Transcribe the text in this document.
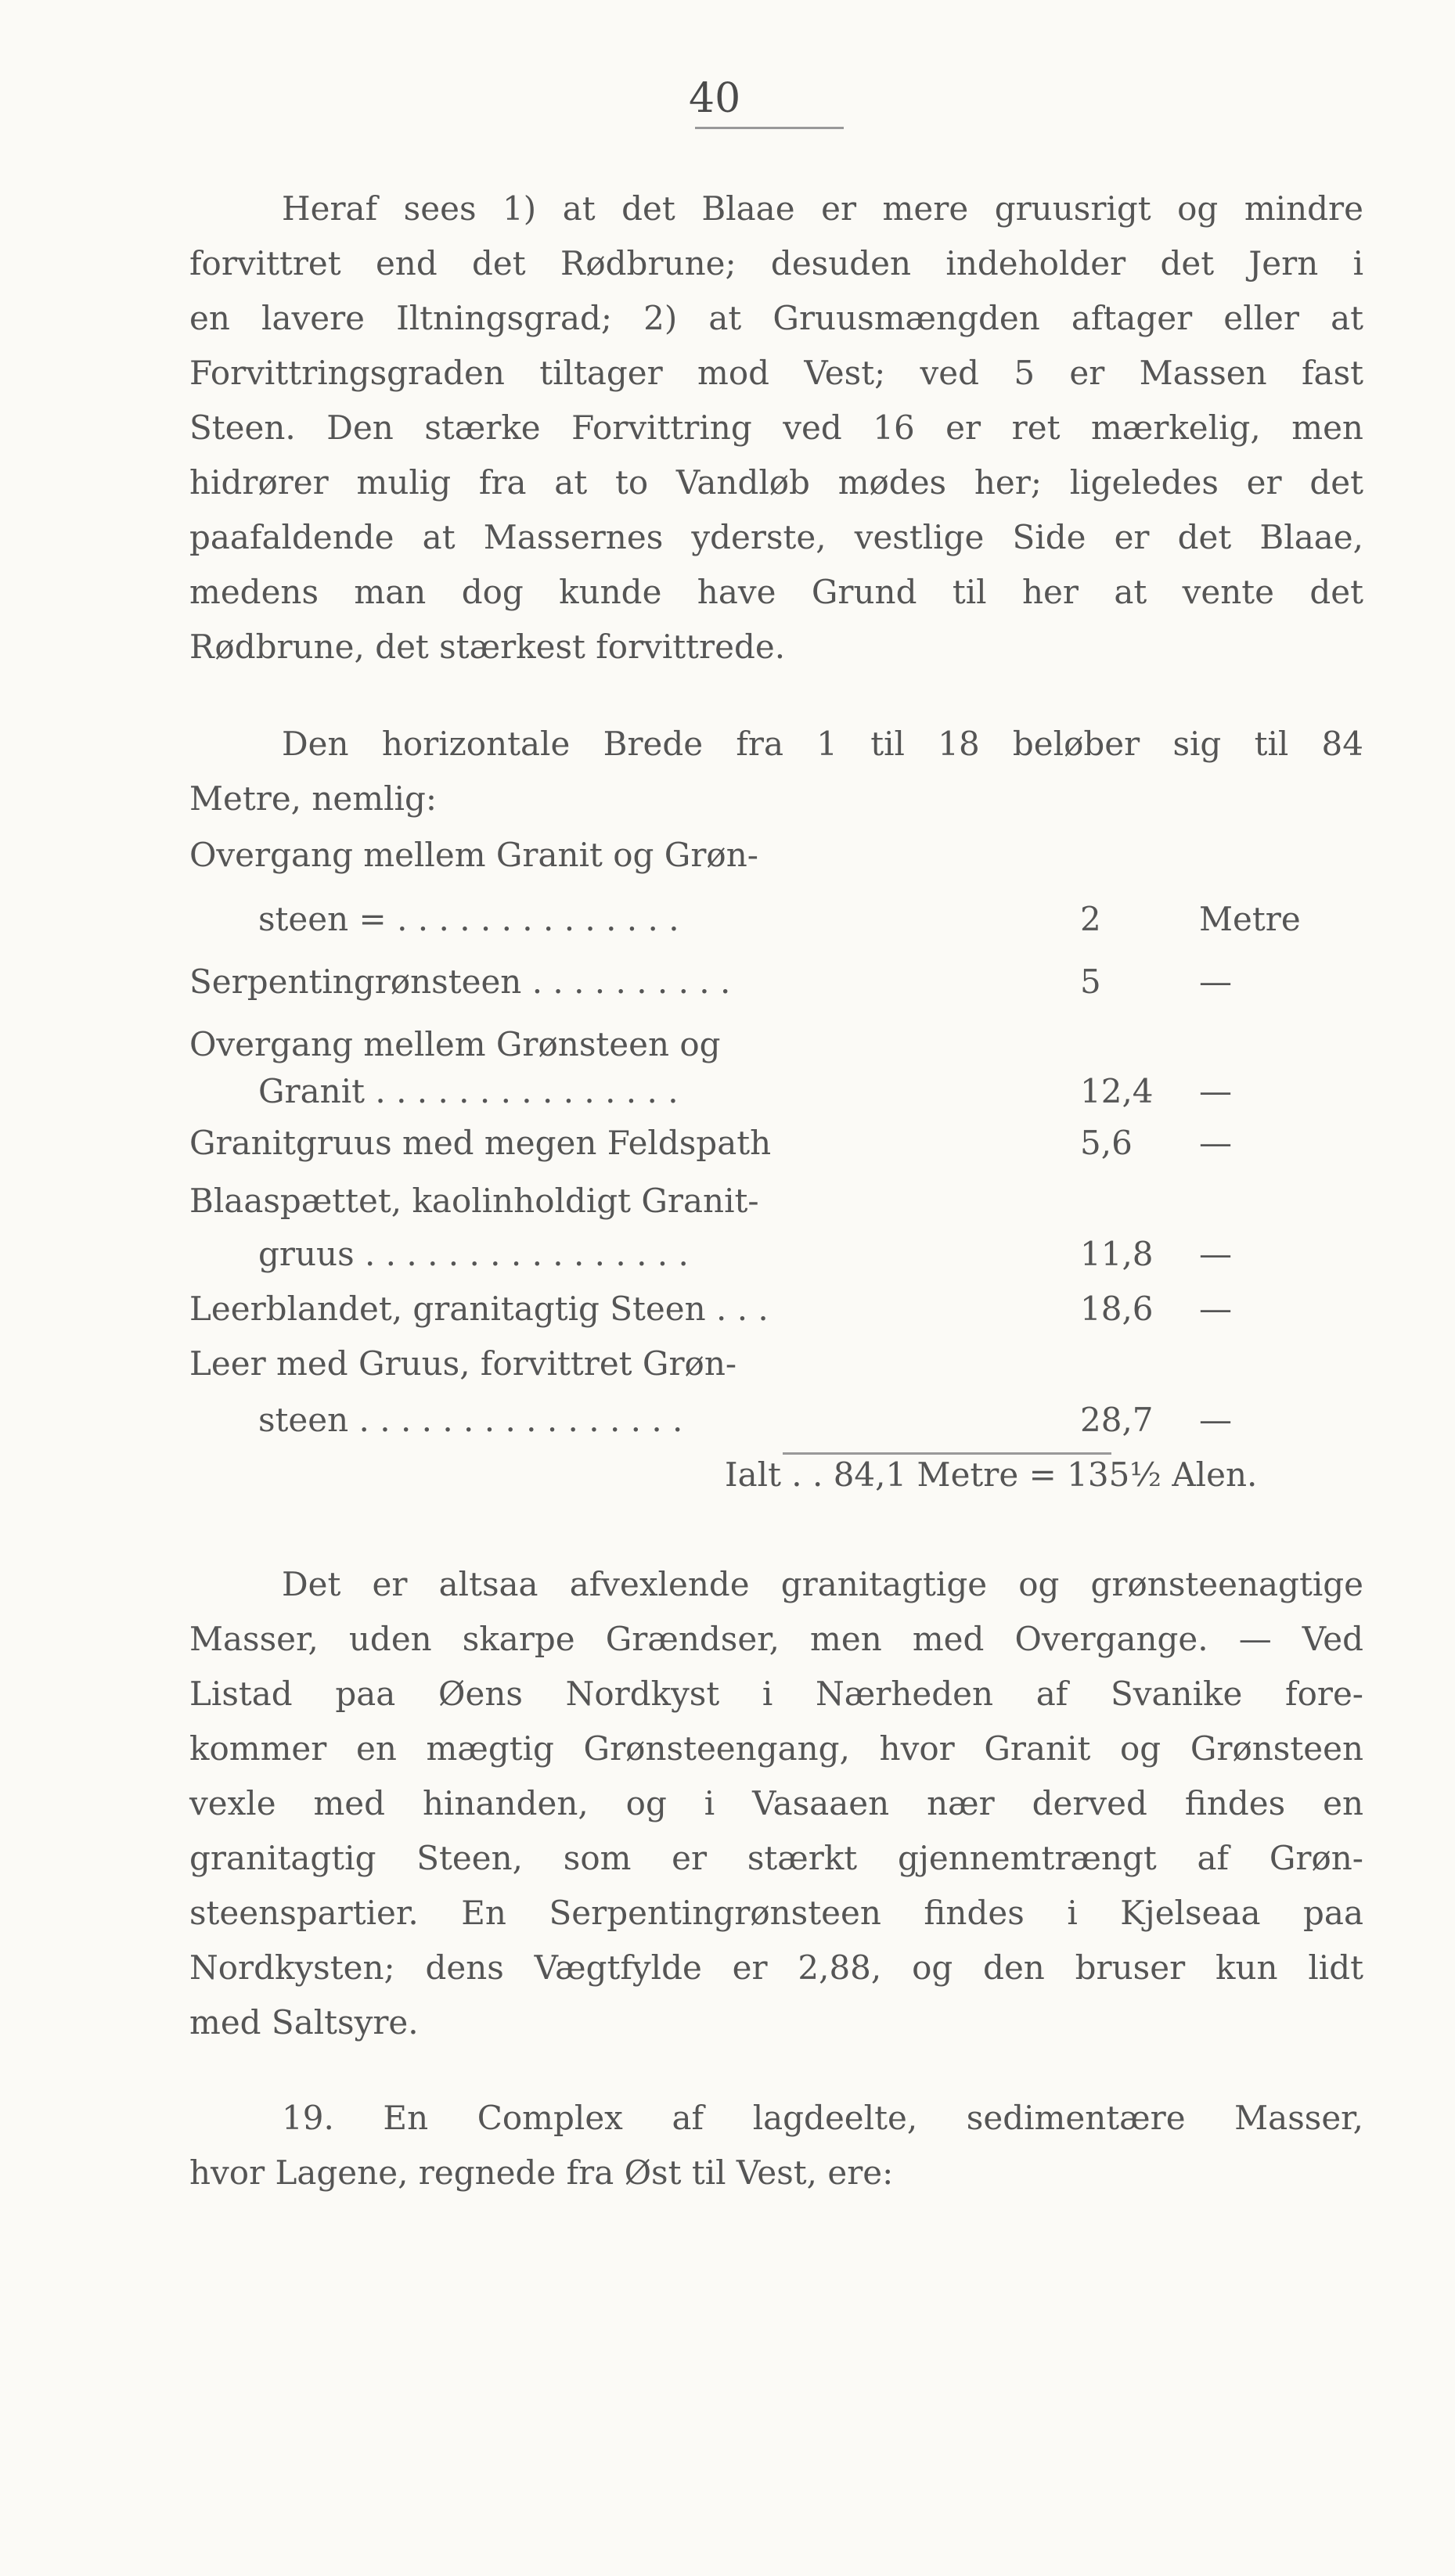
40
Heraf sees 1) at det Blaae er mere gruusrigt og mindre
forvittret end det Rødbrune; desuden indeholder det Jern i
en lavere Iltningsgrad; 2) at Gruusmængden aftager eller at
Forvittringsgraden tiltager mod Vest; ved 5 er Massen fast
Steen. Den stærke Forvittring ved 16 er ret mærkelig, men
hidrører mulig fra at to Vandløb mødes her; ligeledes er det
paafaldende at Massernes yderste, vestlige Side er det Blaae,
medens man dog kunde have Grund til her at vente det
Rødbrune, det stærkest forvittrede.
Den horizontale Brede fra 1 til 18 beløber sig til 84
Metre, nemlig:
Overgang mellem Granit og Grøn-
steen = . . . . . . . . . . . . . .	2	Metre
Serpentingrønsteen . . . . . . . . . .	5	—
Overgang mellem Grønsteen og
Granit . . . . . . . . . . . . . . .	12,4 —
Granitgruus med megen Feldspath	5,6 —
Blaaspættet, kaolinholdigt Granit-
gruus . . . . . . . . . . . . . . . .	11,8 —
Leerblandet, granitagtig Steen . . .	18,6 —
Leer med Gruus, forvittret Grøn-
steen . . . . . . . . . . . . . . . .	28,7 —
Ialt . . 84,1 Metre = 135½ Alen.
Det er altsaa afvexlende granitagtige og grønsteenagtige
Masser, uden skarpe Grændser, men med Overgange. — Ved
Listad paa Øens Nordkyst i Nærheden af Svanike fore-
kommer en mægtig Grønsteengang, hvor Granit og Grønsteen
vexle med hinanden, og i Vasaaen nær derved findes en
granitagtig Steen, som er stærkt gjennemtrængt af Grøn-
steenspartier. En Serpentingrønsteen findes i Kjelseaa paa
Nordkysten; dens Vægtfylde er 2,88, og den bruser kun lidt
med Saltsyre.
19. En Complex af lagdeelte, sedimentære Masser,
hvor Lagene, regnede fra Øst til Vest, ere:
